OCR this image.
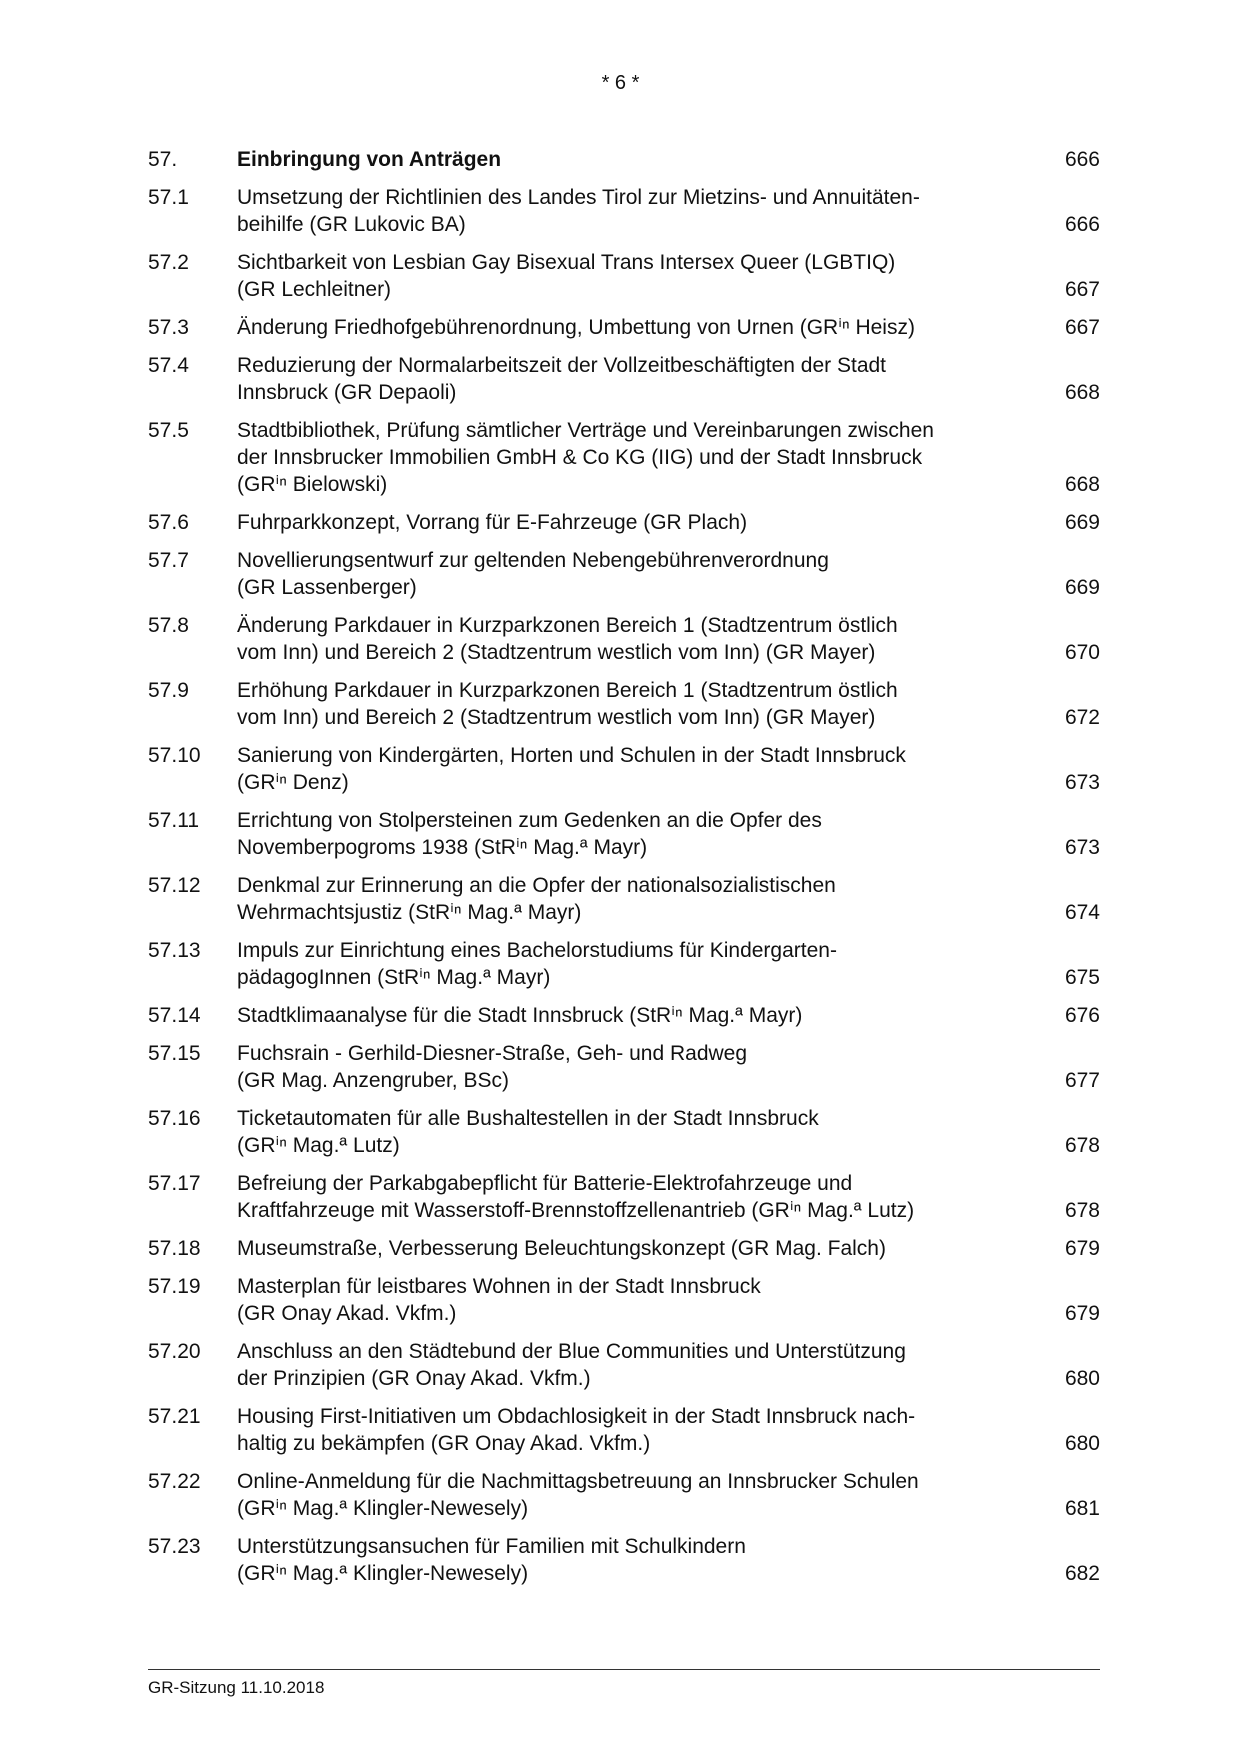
* 6 *
57.	Einbringung von Anträgen	666
57.1	Umsetzung der Richtlinien des Landes Tirol zur Mietzins- und Annuitäten-
beihilfe (GR Lukovic BA)	666
57.2	Sichtbarkeit von Lesbian Gay Bisexual Trans Intersex Queer (LGBTIQ)
(GR Lechleitner)	667
57.3	Änderung Friedhofgebührenordnung, Umbettung von Urnen (GRⁱⁿ Heisz)	667
57.4	Reduzierung der Normalarbeitszeit der Vollzeitbeschäftigten der Stadt
Innsbruck (GR Depaoli)	668
57.5	Stadtbibliothek, Prüfung sämtlicher Verträge und Vereinbarungen zwischen
der Innsbrucker Immobilien GmbH & Co KG (IIG) und der Stadt Innsbruck
(GRⁱⁿ Bielowski)	668
57.6	Fuhrparkkonzept, Vorrang für E-Fahrzeuge (GR Plach)	669
57.7	Novellierungsentwurf zur geltenden Nebengebührenverordnung
(GR Lassenberger)	669
57.8	Änderung Parkdauer in Kurzparkzonen Bereich 1 (Stadtzentrum östlich
vom Inn) und Bereich 2 (Stadtzentrum westlich vom Inn) (GR Mayer)	670
57.9	Erhöhung Parkdauer in Kurzparkzonen Bereich 1 (Stadtzentrum östlich
vom Inn) und Bereich 2 (Stadtzentrum westlich vom Inn) (GR Mayer)	672
57.10	Sanierung von Kindergärten, Horten und Schulen in der Stadt Innsbruck
(GRⁱⁿ Denz)	673
57.11	Errichtung von Stolpersteinen zum Gedenken an die Opfer des
Novemberpogroms 1938 (StRⁱⁿ Mag.ª Mayr)	673
57.12	Denkmal zur Erinnerung an die Opfer der nationalsozialistischen
Wehrmachtsjustiz (StRⁱⁿ Mag.ª Mayr)	674
57.13	Impuls zur Einrichtung eines Bachelorstudiums für Kindergarten-
pädagogInnen (StRⁱⁿ Mag.ª Mayr)	675
57.14	Stadtklimaanalyse für die Stadt Innsbruck (StRⁱⁿ Mag.ª Mayr)	676
57.15	Fuchsrain - Gerhild-Diesner-Straße, Geh- und Radweg
(GR Mag. Anzengruber, BSc)	677
57.16	Ticketautomaten für alle Bushaltestellen in der Stadt Innsbruck
(GRⁱⁿ Mag.ª Lutz)	678
57.17	Befreiung der Parkabgabepflicht für Batterie-Elektrofahrzeuge und
Kraftfahrzeuge mit Wasserstoff-Brennstoffzellenantrieb (GRⁱⁿ Mag.ª Lutz)	678
57.18	Museumstraße, Verbesserung Beleuchtungskonzept (GR Mag. Falch)	679
57.19	Masterplan für leistbares Wohnen in der Stadt Innsbruck
(GR Onay Akad. Vkfm.)	679
57.20	Anschluss an den Städtebund der Blue Communities und Unterstützung
der Prinzipien (GR Onay Akad. Vkfm.)	680
57.21	Housing First-Initiativen um Obdachlosigkeit in der Stadt Innsbruck nach-
haltig zu bekämpfen (GR Onay Akad. Vkfm.)	680
57.22	Online-Anmeldung für die Nachmittagsbetreuung an Innsbrucker Schulen
(GRⁱⁿ Mag.ª Klingler-Newesely)	681
57.23	Unterstützungsansuchen für Familien mit Schulkindern
(GRⁱⁿ Mag.ª Klingler-Newesely)	682
GR-Sitzung 11.10.2018
